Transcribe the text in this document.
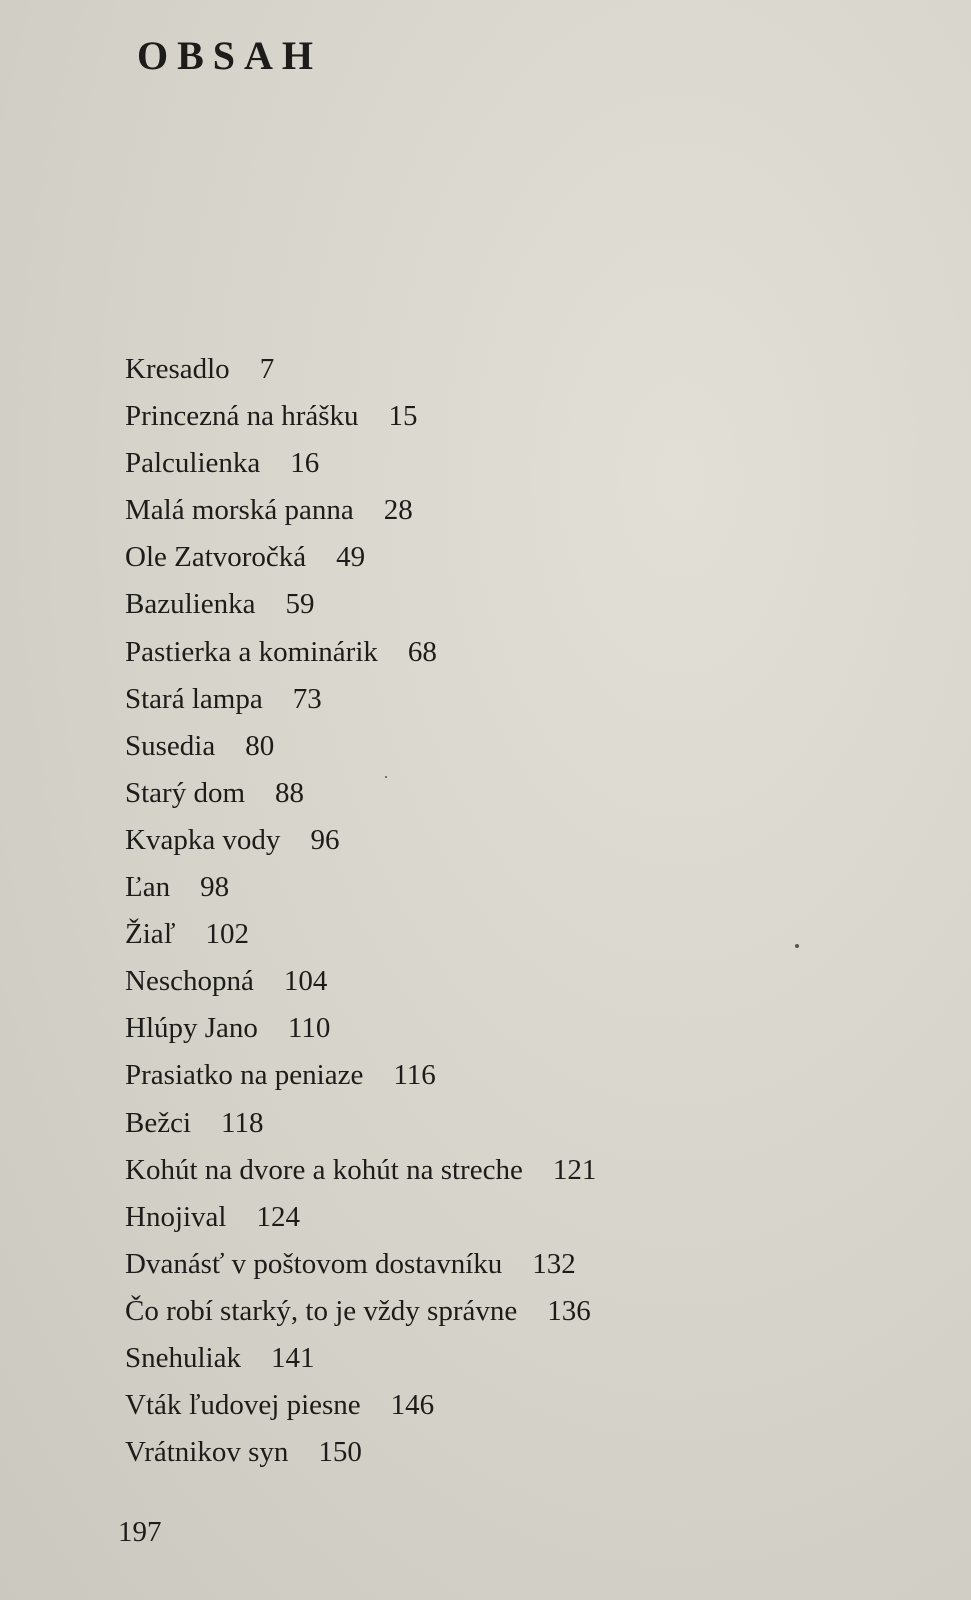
OBSAH
Kresadlo 7
Princezná na hrášku 15
Palculienka 16
Malá morská panna 28
Ole Zatvoročká 49
Bazulienka 59
Pastierka a kominárik 68
Stará lampa 73
Susedia 80
Starý dom 88
Kvapka vody 96
Ľan 98
Žiaľ 102
Neschopná 104
Hlúpy Jano 110
Prasiatko na peniaze 116
Bežci 118
Kohút na dvore a kohút na streche 121
Hnojival 124
Dvanásť v poštovom dostavníku 132
Čo robí starký, to je vždy správne 136
Snehuliak 141
Vták ľudovej piesne 146
Vrátnikov syn 150

197
